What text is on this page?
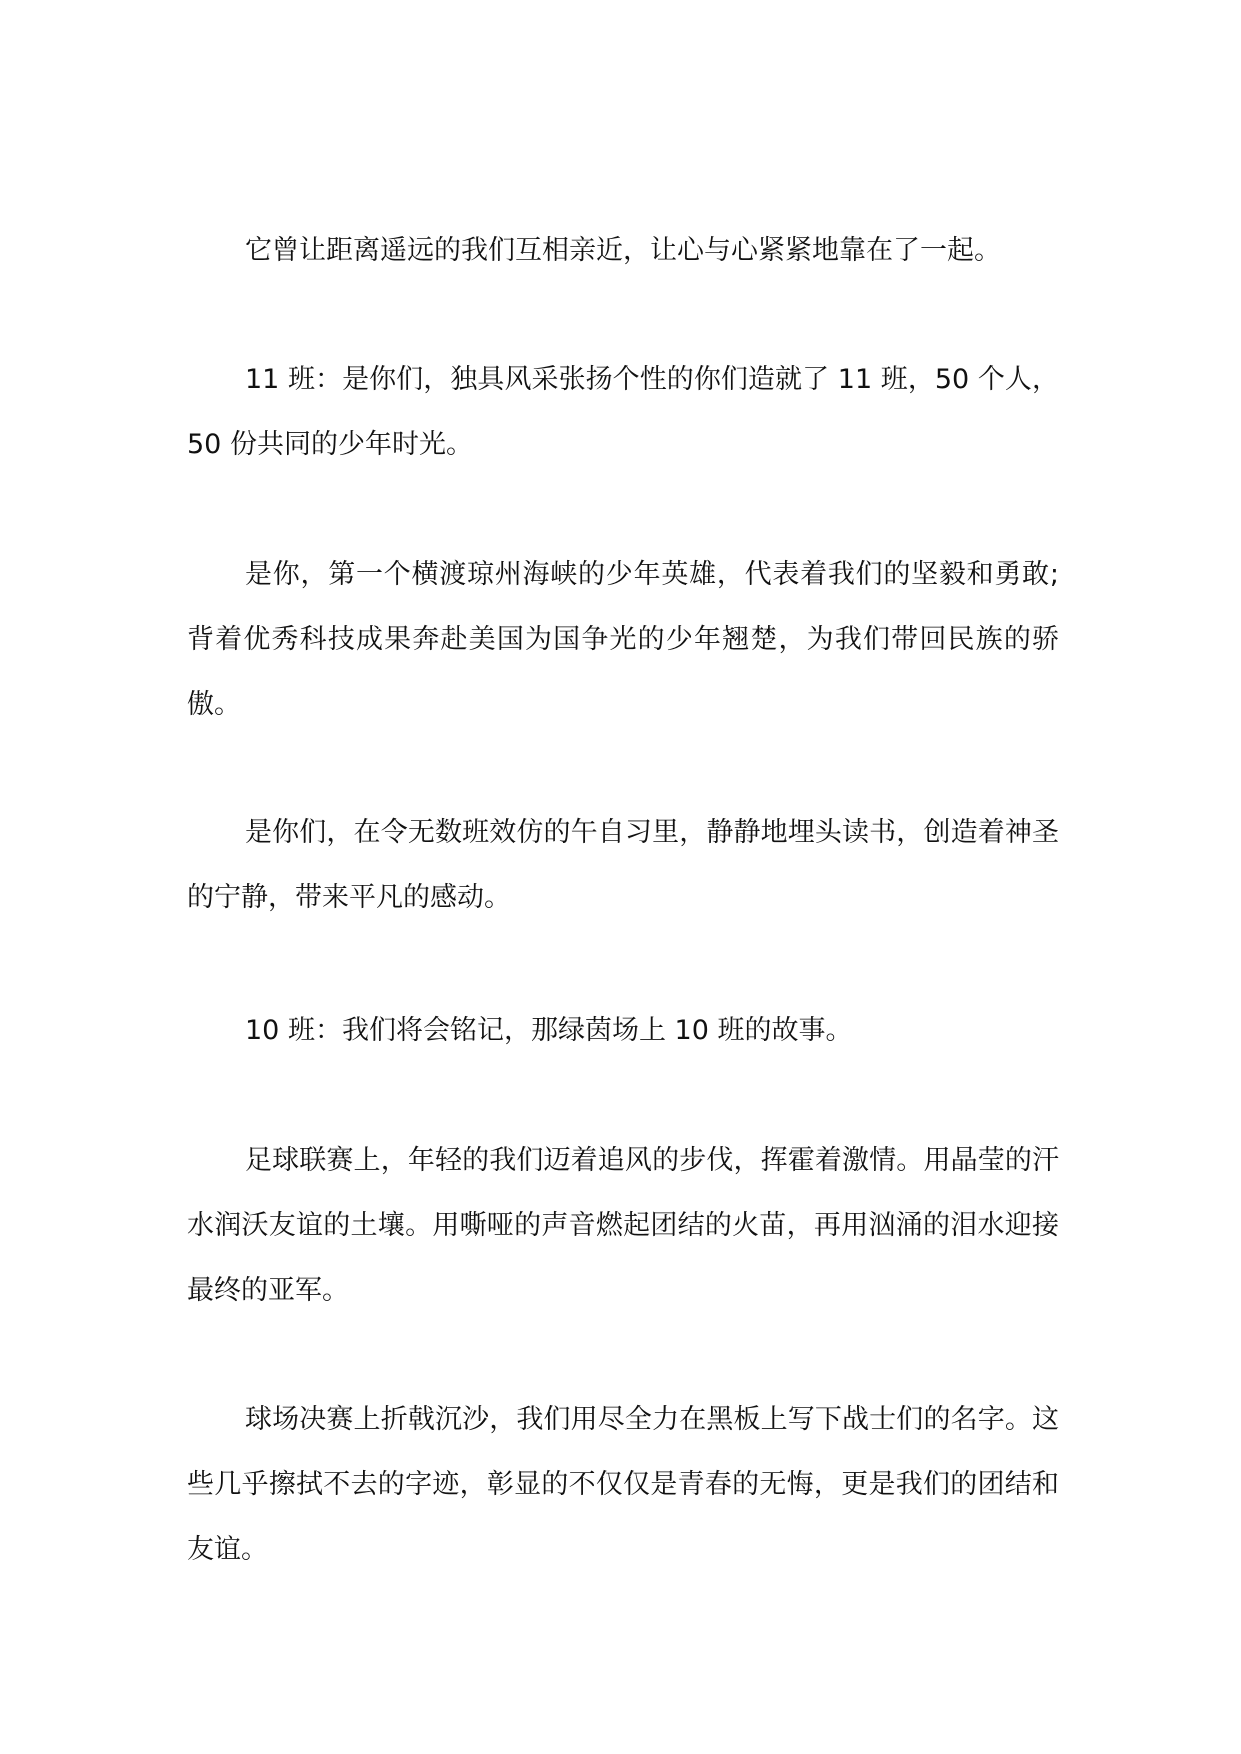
它曾让距离遥远的我们互相亲近，让心与心紧紧地靠在了一起。

11 班：是你们，独具风采张扬个性的你们造就了 11 班，50 个人，50 份共同的少年时光。

是你，第一个横渡琼州海峡的少年英雄，代表着我们的坚毅和勇敢;背着优秀科技成果奔赴美国为国争光的少年翘楚，为我们带回民族的骄傲。

是你们，在令无数班效仿的午自习里，静静地埋头读书，创造着神圣的宁静，带来平凡的感动。

10 班：我们将会铭记，那绿茵场上 10 班的故事。

足球联赛上，年轻的我们迈着追风的步伐，挥霍着激情。用晶莹的汗水润沃友谊的土壤。用嘶哑的声音燃起团结的火苗，再用汹涌的泪水迎接最终的亚军。

球场决赛上折戟沉沙，我们用尽全力在黑板上写下战士们的名字。这些几乎擦拭不去的字迹，彰显的不仅仅是青春的无悔，更是我们的团结和友谊。
